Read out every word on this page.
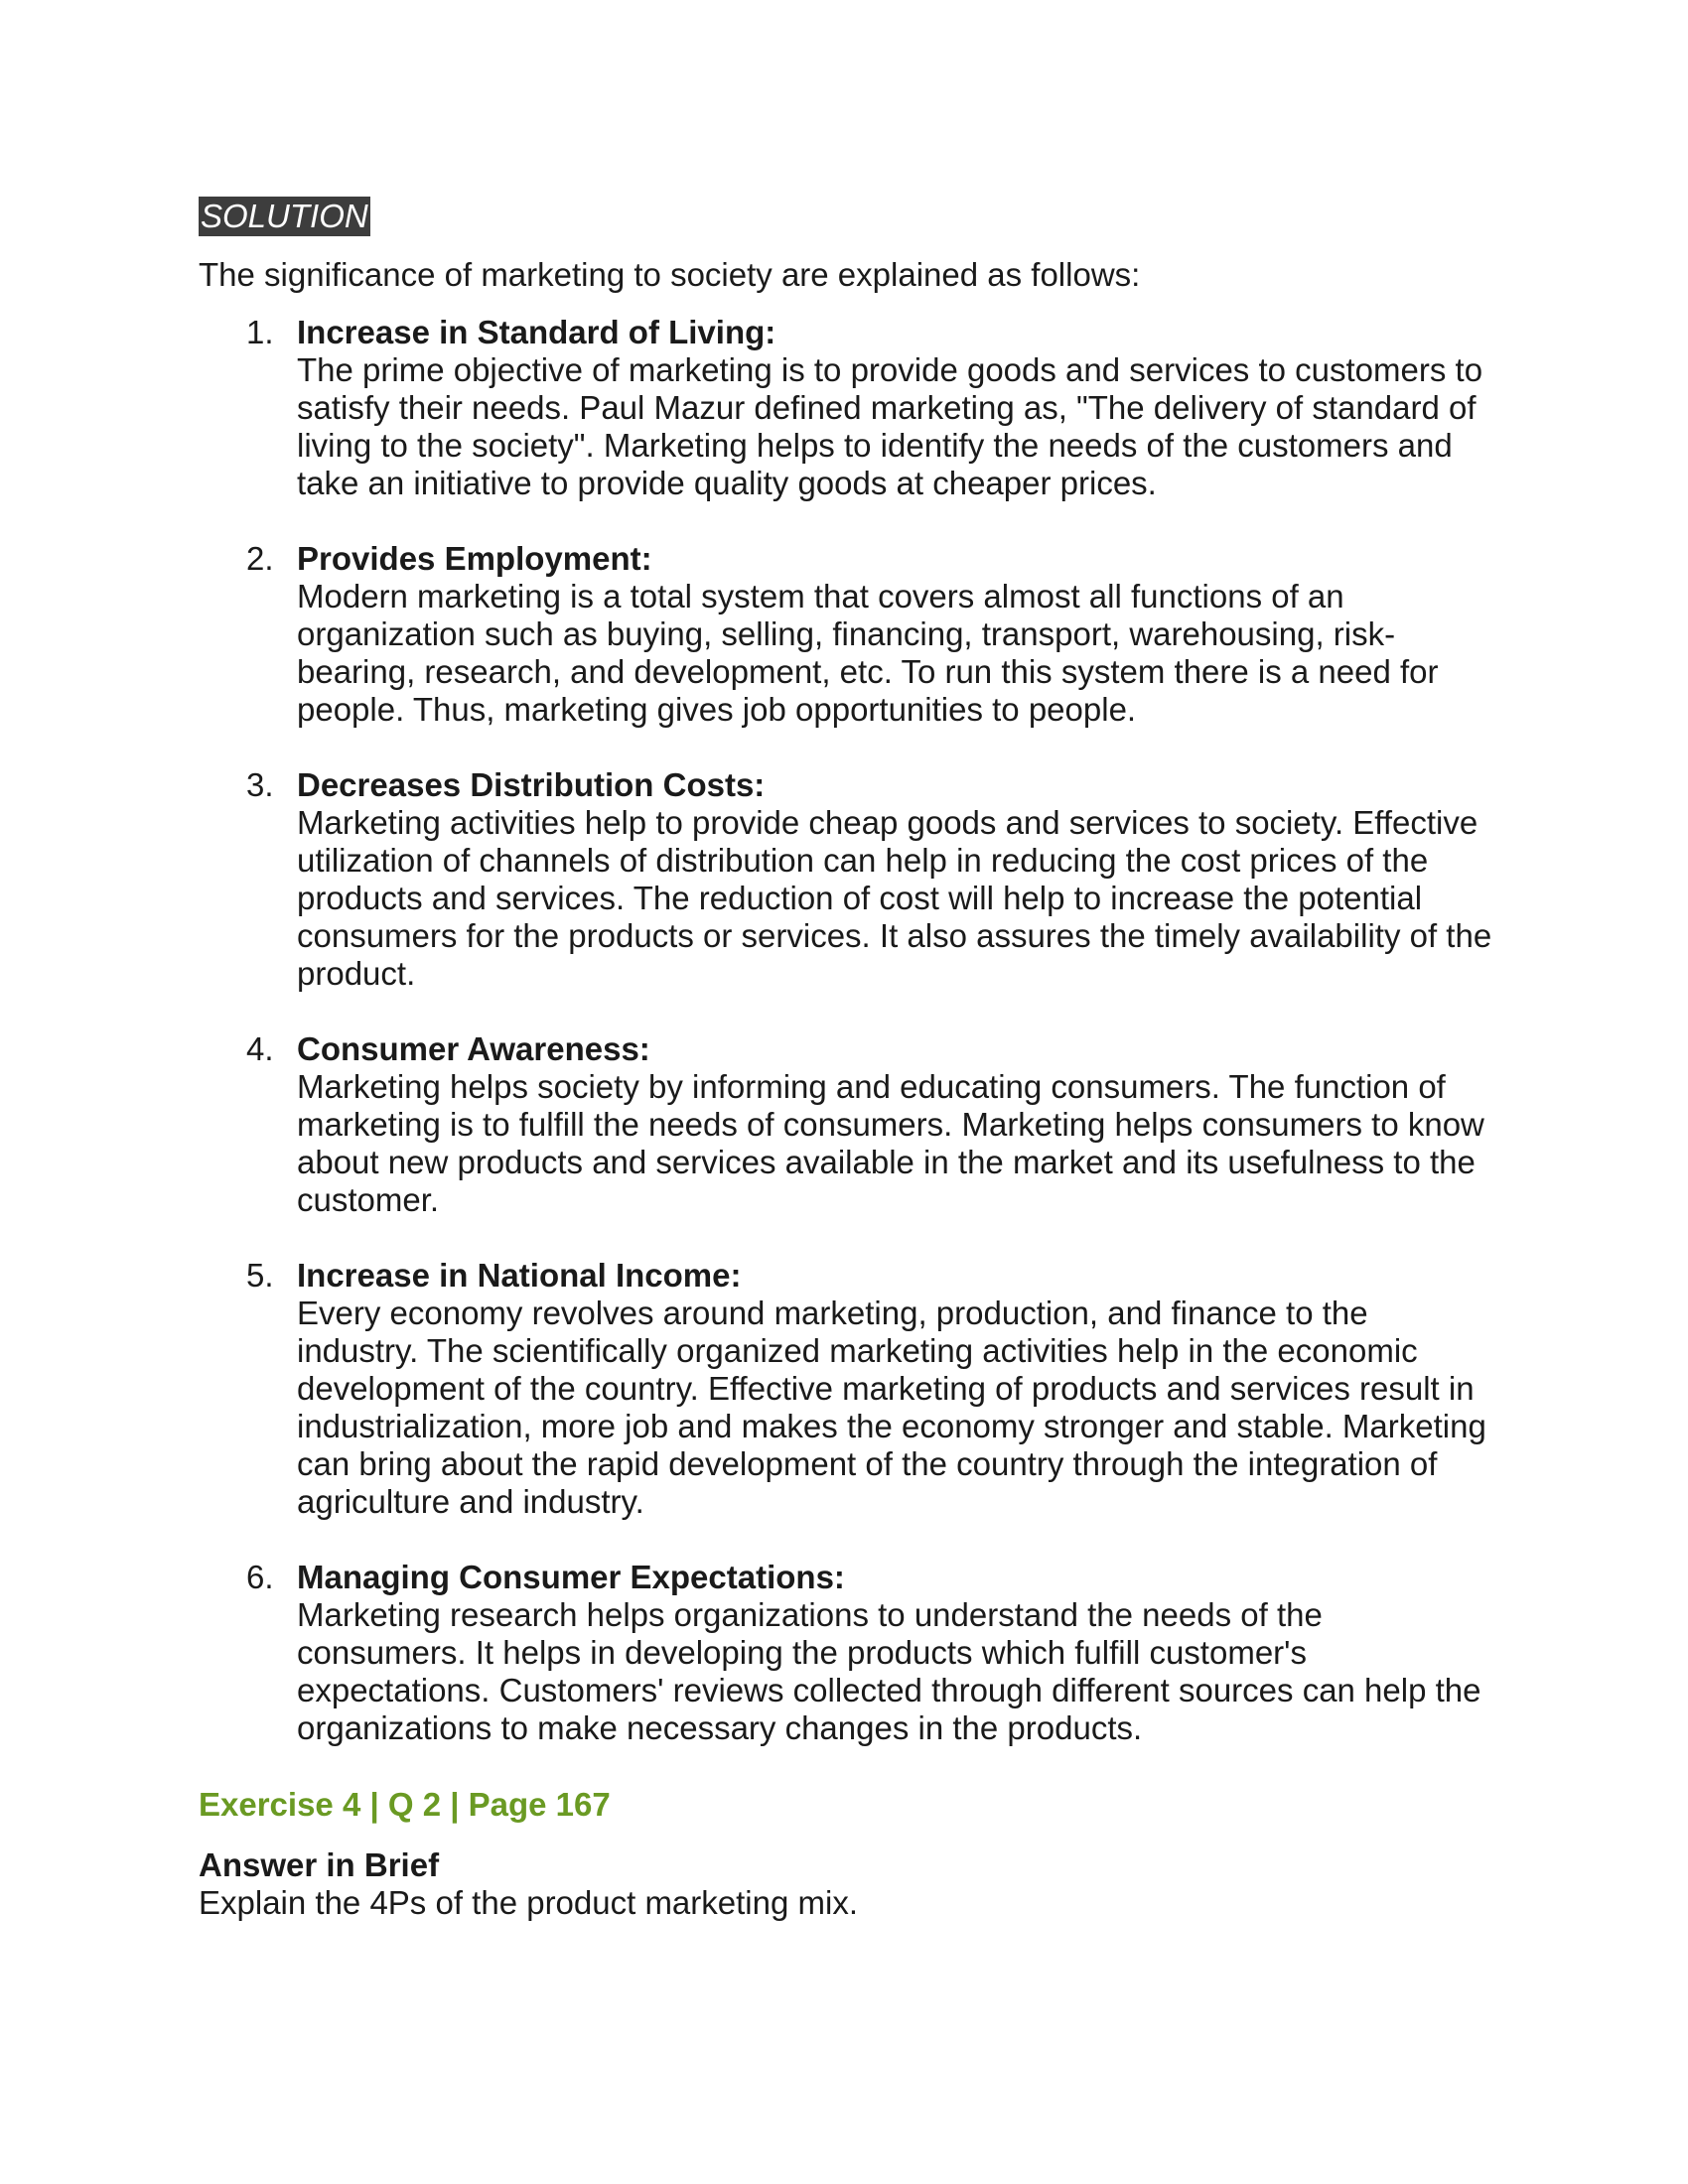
SOLUTION

The significance of marketing to society are explained as follows:

1. Increase in Standard of Living:

The prime objective of marketing is to provide goods and services to customers to satisfy their needs. Paul Mazur defined marketing as, "The delivery of standard of living to the society". Marketing helps to identify the needs of the customers and take an initiative to provide quality goods at cheaper prices.

2. Provides Employment:

Modern marketing is a total system that covers almost all functions of an organization such as buying, selling, financing, transport, warehousing, risk-bearing, research, and development, etc. To run this system there is a need for people. Thus, marketing gives job opportunities to people.

3. Decreases Distribution Costs:

Marketing activities help to provide cheap goods and services to society. Effective utilization of channels of distribution can help in reducing the cost prices of the products and services. The reduction of cost will help to increase the potential consumers for the products or services. It also assures the timely availability of the product.

4. Consumer Awareness:

Marketing helps society by informing and educating consumers. The function of marketing is to fulfill the needs of consumers. Marketing helps consumers to know about new products and services available in the market and its usefulness to the customer.

5. Increase in National Income:

Every economy revolves around marketing, production, and finance to the industry. The scientifically organized marketing activities help in the economic development of the country. Effective marketing of products and services result in industrialization, more job and makes the economy stronger and stable. Marketing can bring about the rapid development of the country through the integration of agriculture and industry.

6. Managing Consumer Expectations:

Marketing research helps organizations to understand the needs of the consumers. It helps in developing the products which fulfill customer's expectations. Customers' reviews collected through different sources can help the organizations to make necessary changes in the products.

Exercise 4 | Q 2 | Page 167
Answer in Brief
Explain the 4Ps of the product marketing mix.
